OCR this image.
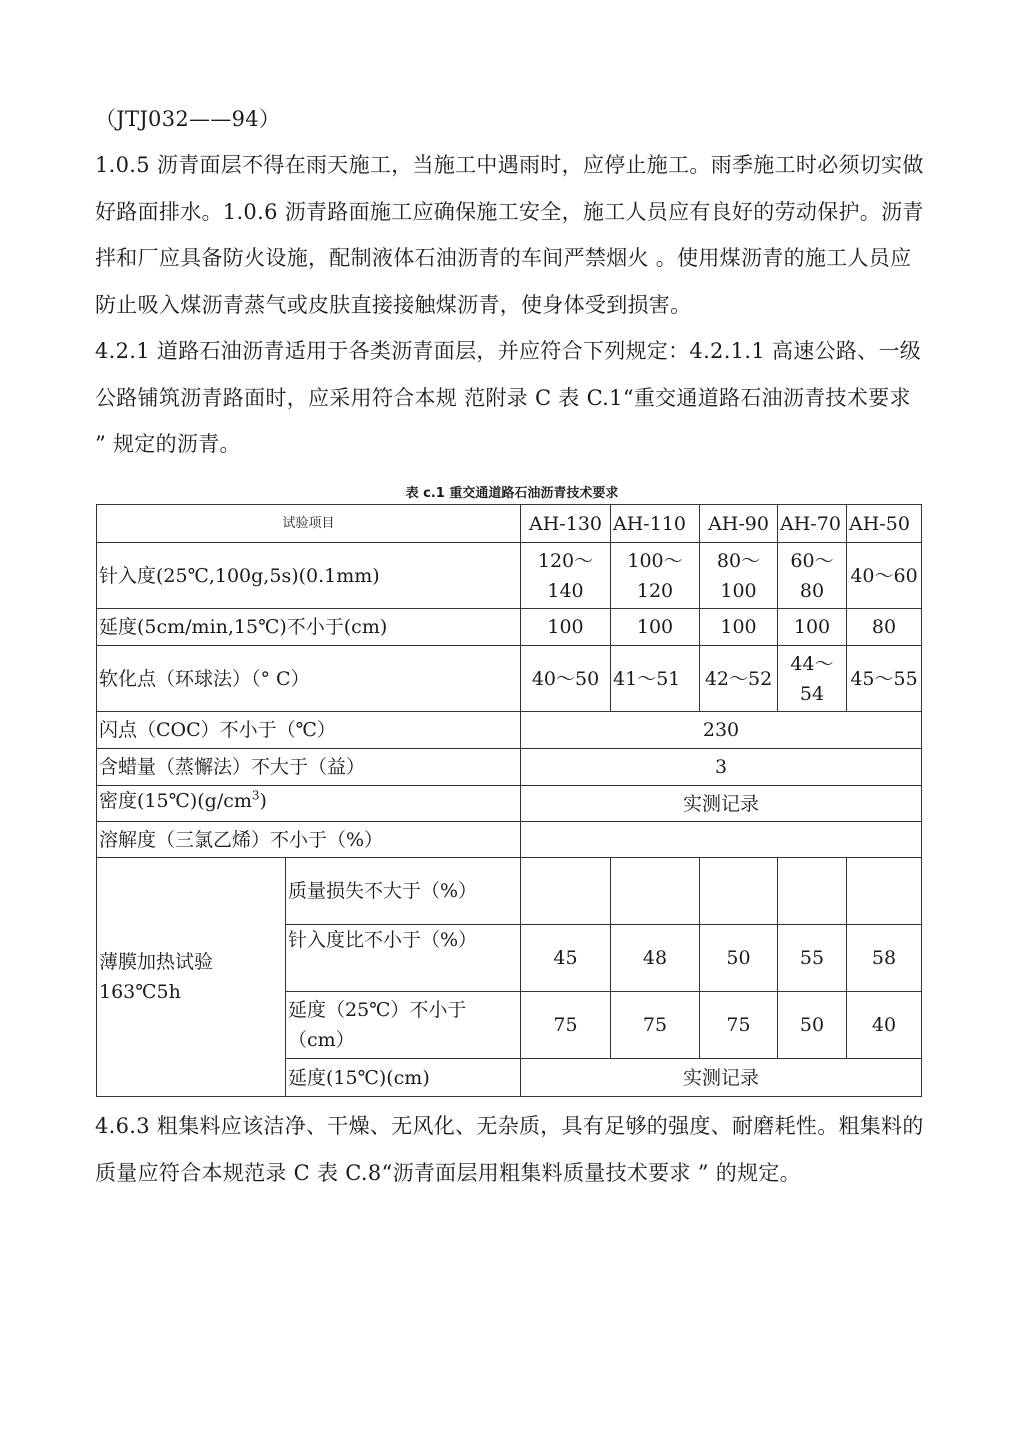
（JTJ032——94）

1.0.5 沥青面层不得在雨天施工，当施工中遇雨时，应停止施工。雨季施工时必须切实做好路面排水。1.0.6 沥青路面施工应确保施工安全，施工人员应有良好的劳动保护。沥青拌和厂应具备防火设施，配制液体石油沥青的车间严禁烟火 。使用煤沥青的施工人员应防止吸入煤沥青蒸气或皮肤直接接触煤沥青，使身体受到损害。

4.2.1 道路石油沥青适用于各类沥青面层，并应符合下列规定：4.2.1.1 高速公路、一级公路铺筑沥青路面时，应采用符合本规 范附录 C 表 C.1“重交通道路石油沥青技术要求 ” 规定的沥青。

表 c.1 重交通道路石油沥青技术要求
试验项目		AH-130	AH-110	AH-90	AH-70	AH-50
针入度(25℃,100g,5s)(0.1mm)		120～140	100～120	80～100	60～80	40～60
延度(5cm/min,15℃)不小于(cm)		100	100	100	100	80
软化点（环球法）（° C）		40～50	41～51	42～52	44～54	45～55
闪点（COC）不小于（℃）		230				
含蜡量（蒸懈法）不大于（益）		3				
密度$(15℃)(g/cm^3)$		实测记录				
溶解度（三氯乙烯）不小于（%）						
薄膜加热试验 163℃5h	质量损失不大于（%）					
	针入度比不小于（%）	45	48	50	55	58
	延度（25℃）不小于（cm）	75	75	75	50	40
	延度(15℃)(cm)	实测记录				

4.6.3 粗集料应该洁净、干燥、无风化、无杂质，具有足够的强度、耐磨耗性。粗集料的质量应符合本规范录 C 表 C.8“沥青面层用粗集料质量技术要求 ” 的规定。
